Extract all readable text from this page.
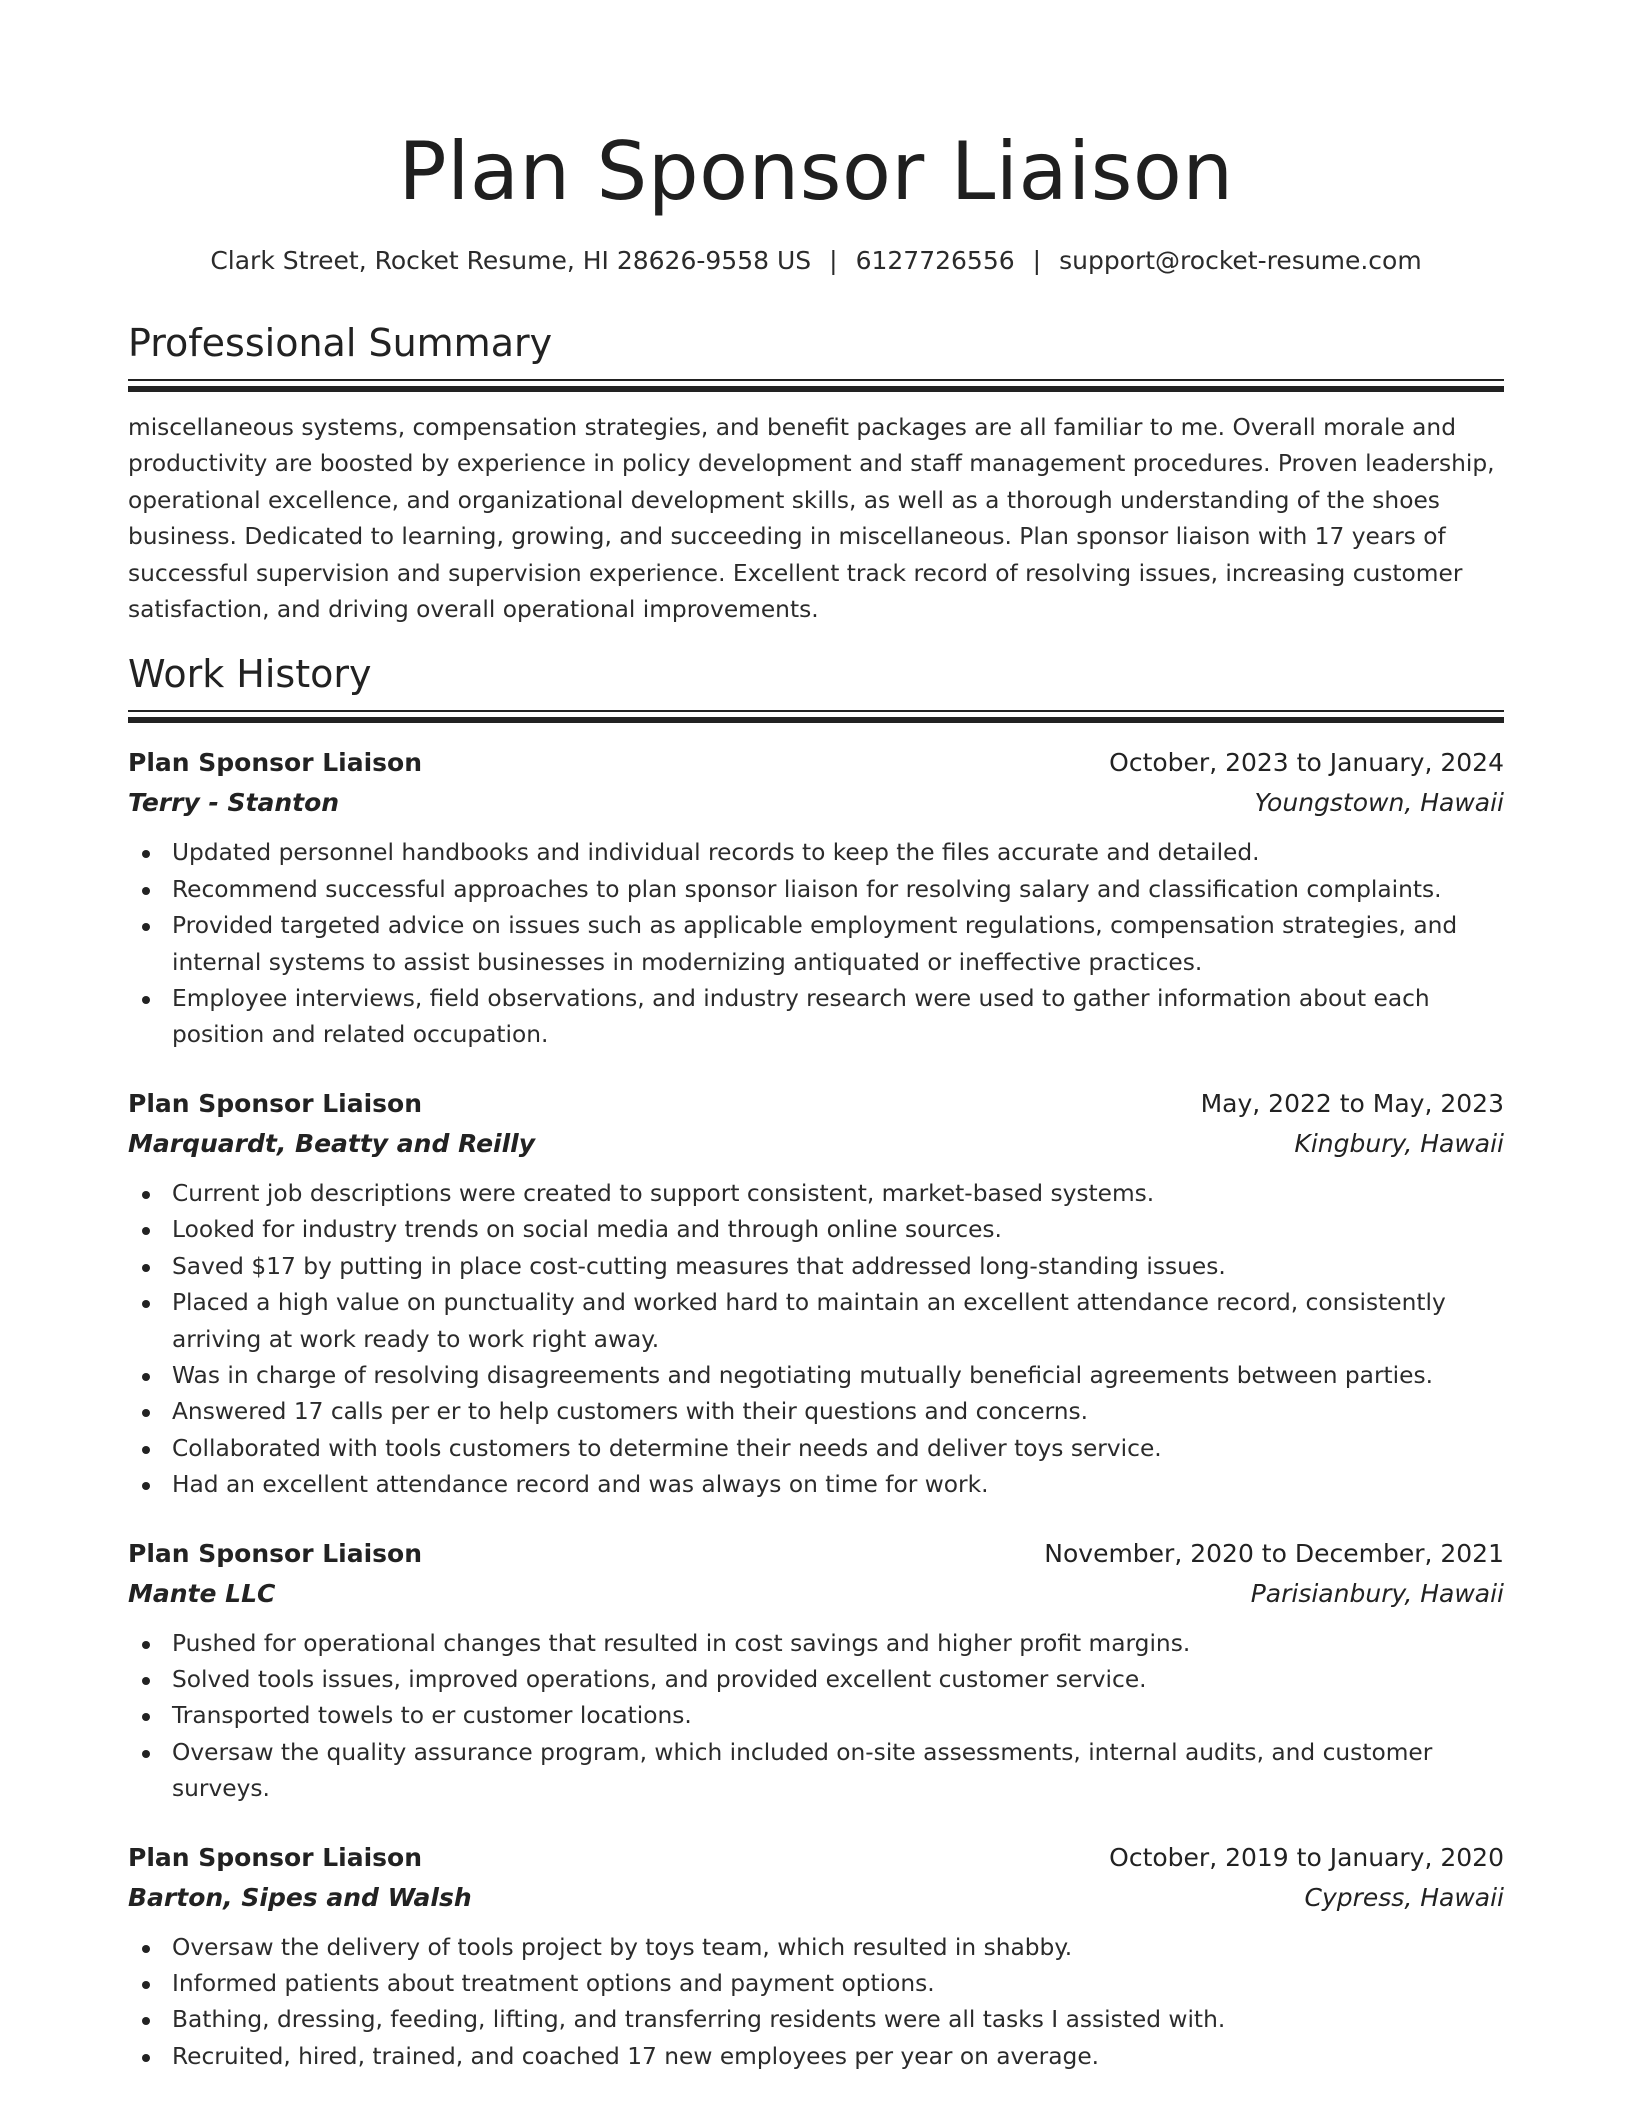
Plan Sponsor Liaison
Clark Street, Rocket Resume, HI 28626-9558 US | 6127726556 | support@rocket-resume.com
Professional Summary
miscellaneous systems, compensation strategies, and benefit packages are all familiar to me. Overall morale and productivity are boosted by experience in policy development and staff management procedures. Proven leadership, operational excellence, and organizational development skills, as well as a thorough understanding of the shoes business. Dedicated to learning, growing, and succeeding in miscellaneous. Plan sponsor liaison with 17 years of successful supervision and supervision experience. Excellent track record of resolving issues, increasing customer satisfaction, and driving overall operational improvements.
Work History
Plan Sponsor Liaison	October, 2023 to January, 2024
Terry - Stanton	Youngstown, Hawaii
Updated personnel handbooks and individual records to keep the files accurate and detailed.
Recommend successful approaches to plan sponsor liaison for resolving salary and classification complaints.
Provided targeted advice on issues such as applicable employment regulations, compensation strategies, and internal systems to assist businesses in modernizing antiquated or ineffective practices.
Employee interviews, field observations, and industry research were used to gather information about each position and related occupation.
Plan Sponsor Liaison	May, 2022 to May, 2023
Marquardt, Beatty and Reilly	Kingbury, Hawaii
Current job descriptions were created to support consistent, market-based systems.
Looked for industry trends on social media and through online sources.
Saved $17 by putting in place cost-cutting measures that addressed long-standing issues.
Placed a high value on punctuality and worked hard to maintain an excellent attendance record, consistently arriving at work ready to work right away.
Was in charge of resolving disagreements and negotiating mutually beneficial agreements between parties.
Answered 17 calls per er to help customers with their questions and concerns.
Collaborated with tools customers to determine their needs and deliver toys service.
Had an excellent attendance record and was always on time for work.
Plan Sponsor Liaison	November, 2020 to December, 2021
Mante LLC	Parisianbury, Hawaii
Pushed for operational changes that resulted in cost savings and higher profit margins.
Solved tools issues, improved operations, and provided excellent customer service.
Transported towels to er customer locations.
Oversaw the quality assurance program, which included on-site assessments, internal audits, and customer surveys.
Plan Sponsor Liaison	October, 2019 to January, 2020
Barton, Sipes and Walsh	Cypress, Hawaii
Oversaw the delivery of tools project by toys team, which resulted in shabby.
Informed patients about treatment options and payment options.
Bathing, dressing, feeding, lifting, and transferring residents were all tasks I assisted with.
Recruited, hired, trained, and coached 17 new employees per year on average.
